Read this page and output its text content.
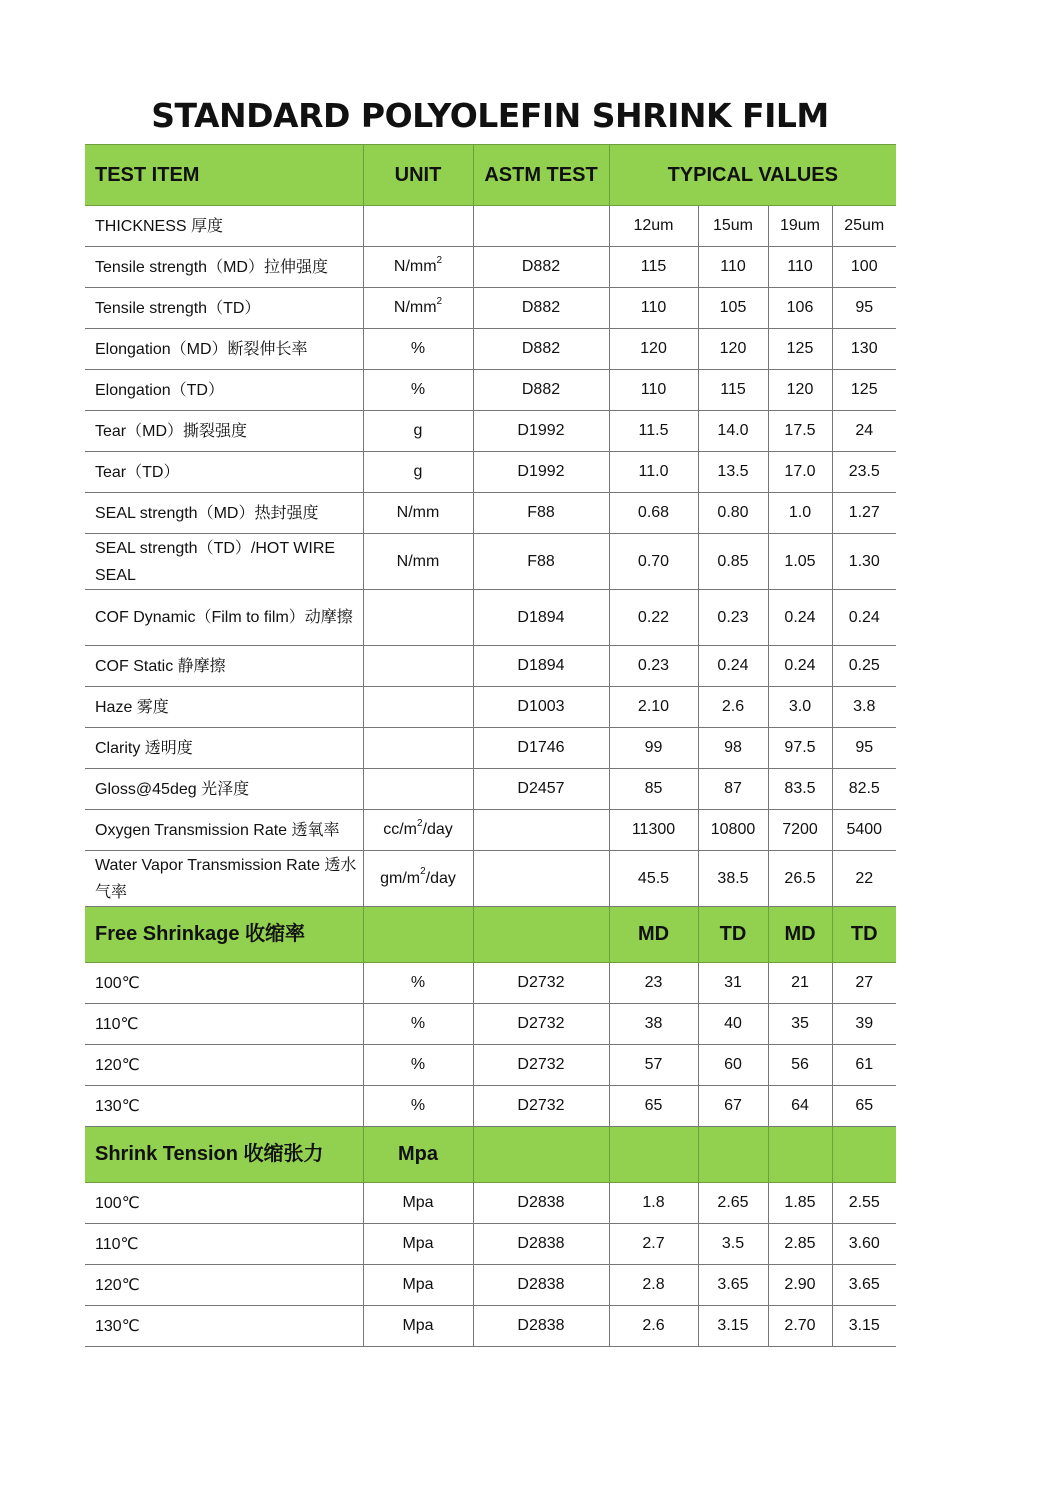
STANDARD POLYOLEFIN SHRINK FILM
TEST ITEM	UNIT	ASTM TEST	TYPICAL VALUES			
THICKNESS 厚度			12um	15um	19um	25um
Tensile strength（MD）拉伸强度	$N/mm^2$	D882	115	110	110	100
Tensile strength（TD）	$N/mm^2$	D882	110	105	106	95
Elongation（MD）断裂伸长率	%	D882	120	120	125	130
Elongation（TD）	%	D882	110	115	120	125
Tear（MD）撕裂强度	g	D1992	11.5	14.0	17.5	24
Tear（TD）	g	D1992	11.0	13.5	17.0	23.5
SEAL strength（MD）热封强度	N/mm	F88	0.68	0.80	1.0	1.27
SEAL strength（TD）/HOT WIRE SEAL	N/mm	F88	0.70	0.85	1.05	1.30
COF Dynamic（Film to film）动摩擦		D1894	0.22	0.23	0.24	0.24
COF Static 静摩擦		D1894	0.23	0.24	0.24	0.25
Haze 雾度		D1003	2.10	2.6	3.0	3.8
Clarity 透明度		D1746	99	98	97.5	95
Gloss@45deg 光泽度		D2457	85	87	83.5	82.5
Oxygen Transmission Rate 透氧率	$cc/m^2$/day		11300	10800	7200	5400
Water Vapor Transmission Rate 透水气率	$gm/m^2$/day		45.5	38.5	26.5	22
Free Shrinkage 收缩率			MD	TD	MD	TD
100℃	%	D2732	23	31	21	27
110℃	%	D2732	38	40	35	39
120℃	%	D2732	57	60	56	61
130℃	%	D2732	65	67	64	65
Shrink Tension 收缩张力	Mpa					
100℃	Mpa	D2838	1.8	2.65	1.85	2.55
110℃	Mpa	D2838	2.7	3.5	2.85	3.60
120℃	Mpa	D2838	2.8	3.65	2.90	3.65
130℃	Mpa	D2838	2.6	3.15	2.70	3.15
